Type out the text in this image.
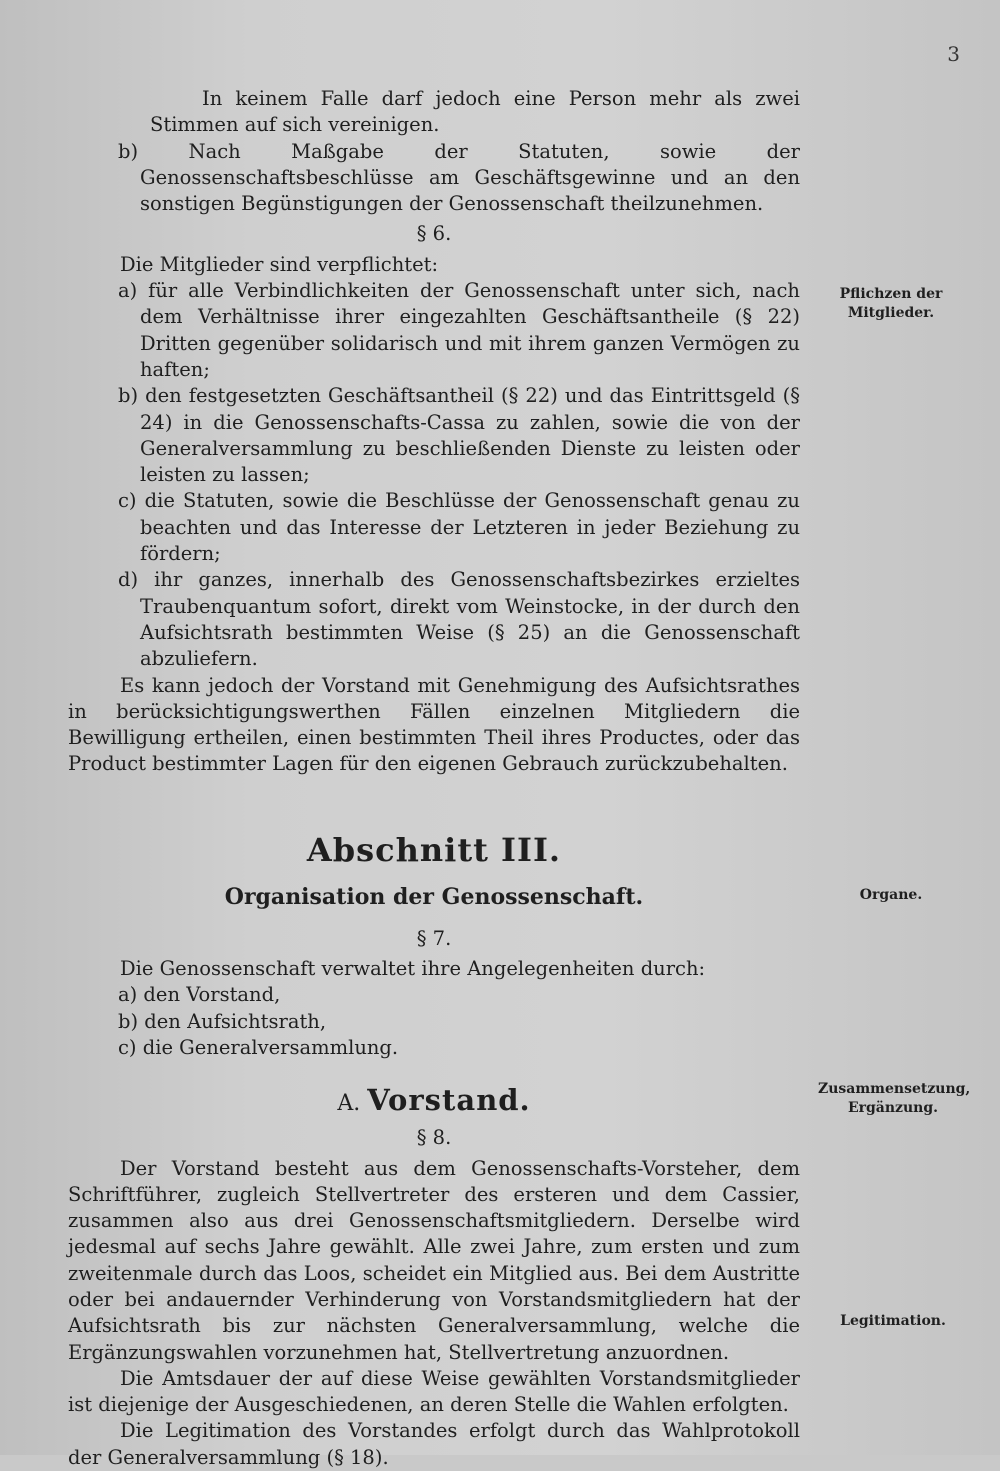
3

In keinem Falle darf jedoch eine Person mehr als zwei Stimmen auf sich vereinigen.

b) Nach Maßgabe der Statuten, sowie der Genossenschaftsbeschlüsse am Geschäftsgewinne und an den sonstigen Begünstigungen der Genossenschaft theilzunehmen.

§ 6.

Die Mitglieder sind verpflichtet:

a) für alle Verbindlichkeiten der Genossenschaft unter sich, nach dem Verhältnisse ihrer eingezahlten Geschäftsantheile (§ 22) Dritten gegenüber solidarisch und mit ihrem ganzen Vermögen zu haften;

b) den festgesetzten Geschäftsantheil (§ 22) und das Eintrittsgeld (§ 24) in die Genossenschafts-Cassa zu zahlen, sowie die von der Generalversammlung zu beschließenden Dienste zu leisten oder leisten zu lassen;

c) die Statuten, sowie die Beschlüsse der Genossenschaft genau zu beachten und das Interesse der Letzteren in jeder Beziehung zu fördern;

d) ihr ganzes, innerhalb des Genossenschaftsbezirkes erzieltes Traubenquantum sofort, direkt vom Weinstocke, in der durch den Aufsichtsrath bestimmten Weise (§ 25) an die Genossenschaft abzuliefern.

Es kann jedoch der Vorstand mit Genehmigung des Aufsichtsrathes in berücksichtigungswerthen Fällen einzelnen Mitgliedern die Bewilligung ertheilen, einen bestimmten Theil ihres Productes, oder das Product bestimmter Lagen für den eigenen Gebrauch zurückzubehalten.

Abschnitt III.

Organisation der Genossenschaft.

§ 7.

Die Genossenschaft verwaltet ihre Angelegenheiten durch:

a) den Vorstand,

b) den Aufsichtsrath,

c) die Generalversammlung.

A. Vorstand.

§ 8.

Der Vorstand besteht aus dem Genossenschafts-Vorsteher, dem Schriftführer, zugleich Stellvertreter des ersteren und dem Cassier, zusammen also aus drei Genossenschaftsmitgliedern. Derselbe wird jedesmal auf sechs Jahre gewählt. Alle zwei Jahre, zum ersten und zum zweitenmale durch das Loos, scheidet ein Mitglied aus. Bei dem Austritte oder bei andauernder Verhinderung von Vorstandsmitgliedern hat der Aufsichtsrath bis zur nächsten Generalversammlung, welche die Ergänzungswahlen vorzunehmen hat, Stellvertretung anzuordnen.

Die Amtsdauer der auf diese Weise gewählten Vorstandsmitglieder ist diejenige der Ausgeschiedenen, an deren Stelle die Wahlen erfolgten.

Die Legitimation des Vorstandes erfolgt durch das Wahlprotokoll der Generalversammlung (§ 18).

Pflichzen der
Mitglieder.
Organe.
Zusammensetzung,
Ergänzung.
Legitimation.
